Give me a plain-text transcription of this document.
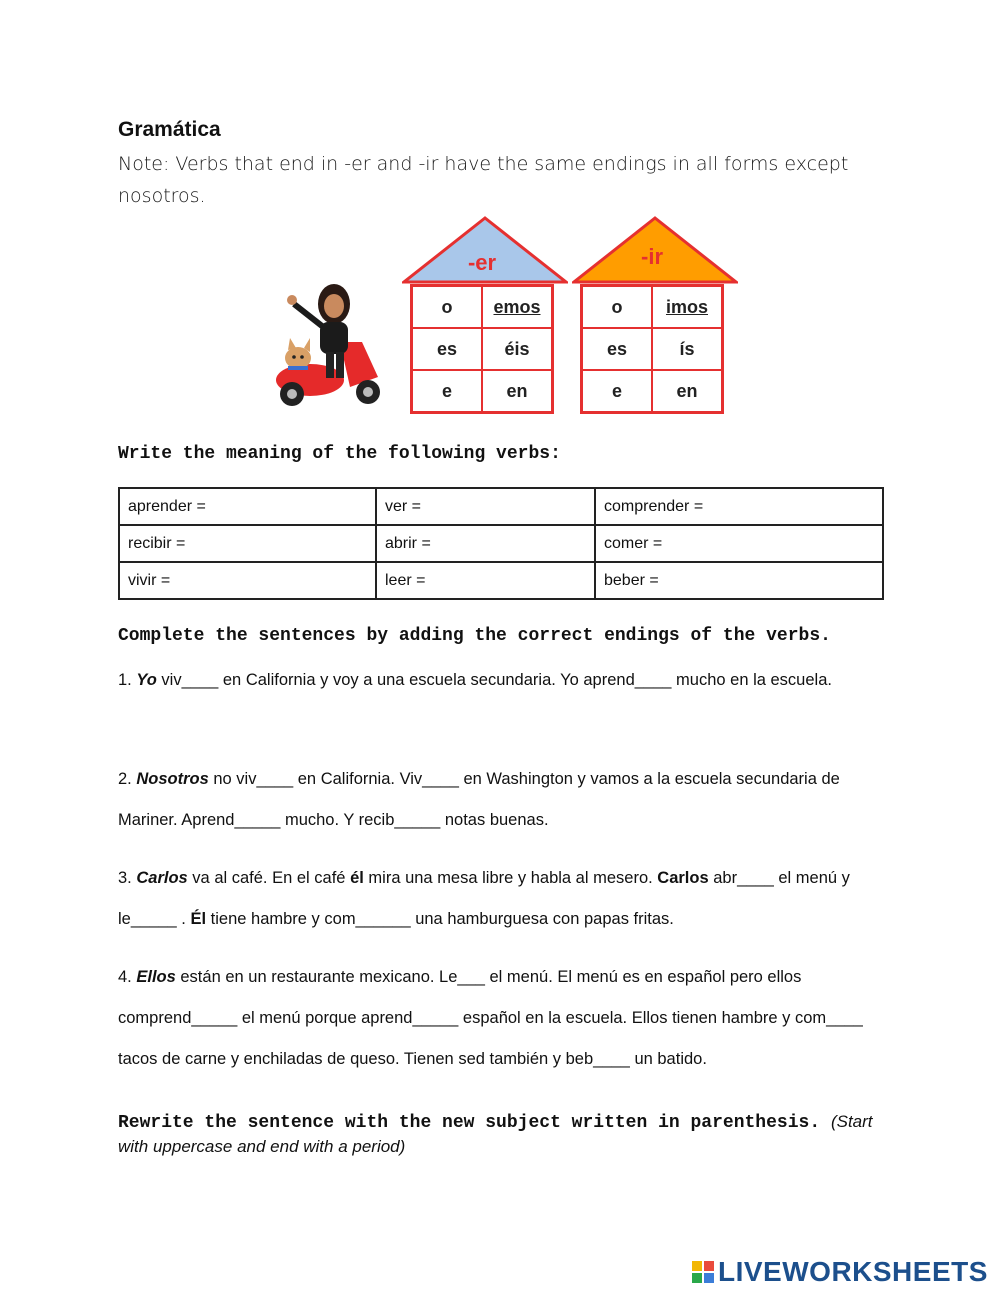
Gramática
Note: Verbs that end in -er and -ir have the same endings in all forms except nosotros.
-er
o	emos
es	éis
e	en
-ir
o	imos
es	ís
e	en
Write the meaning of the following verbs:
aprender =	ver =	comprender =
recibir =	abrir =	comer =
vivir =	leer =	beber =
Complete the sentences by adding the correct endings of the verbs.
1. Yo viv____ en California y voy a una escuela secundaria. Yo aprend____ mucho en la escuela.
2. Nosotros no viv____ en California. Viv____ en Washington y vamos a la escuela secundaria de Mariner. Aprend_____ mucho. Y recib_____ notas buenas.
3. Carlos va al café. En el café él mira una mesa libre y habla al mesero. Carlos abr____ el menú y le_____ . Él tiene hambre y com______ una hamburguesa con papas fritas.
4. Ellos están en un restaurante mexicano. Le___ el menú. El menú es en español pero ellos comprend_____ el menú porque aprend_____ español en la escuela. Ellos tienen hambre y com____ tacos de carne y enchiladas de queso. Tienen sed también y beb____ un batido.
Rewrite the sentence with the new subject written in parenthesis. (Start with uppercase and end with a period)
LIVEWORKSHEETS
